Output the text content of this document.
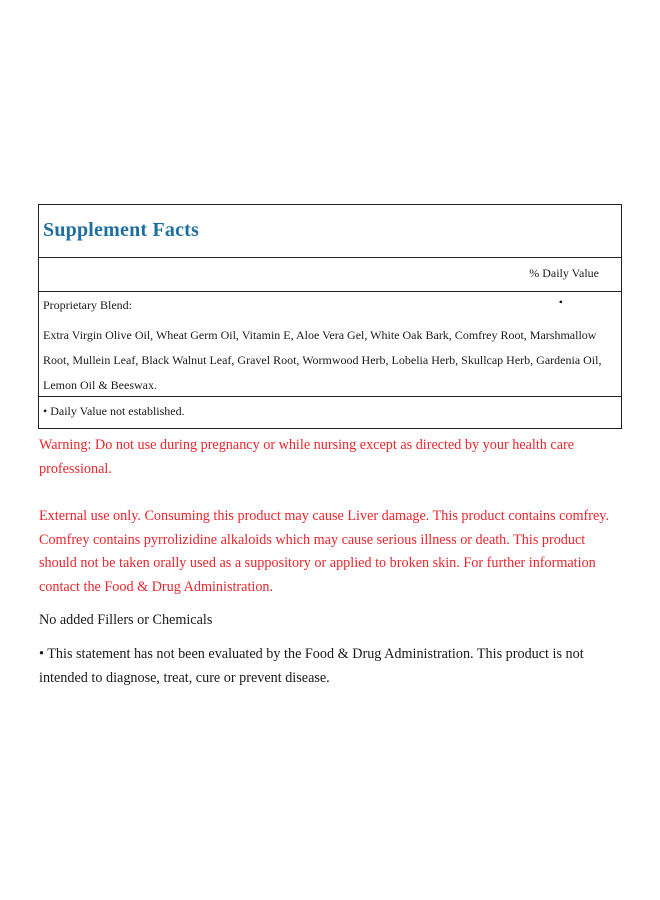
Supplement Facts
% Daily Value
Proprietary Blend:	•
Extra Virgin Olive Oil, Wheat Germ Oil, Vitamin E, Aloe Vera Gel, White Oak Bark, Comfrey Root, Marshmallow Root, Mullein Leaf, Black Walnut Leaf, Gravel Root, Wormwood Herb, Lobelia Herb, Skullcap Herb, Gardenia Oil, Lemon Oil & Beeswax.
• Daily Value not established.
Warning: Do not use during pregnancy or while nursing except as directed by your health care professional.
External use only. Consuming this product may cause Liver damage. This product contains comfrey. Comfrey contains pyrrolizidine alkaloids which may cause serious illness or death. This product should not be taken orally used as a suppository or applied to broken skin. For further information contact the Food & Drug Administration.
No added Fillers or Chemicals
• This statement has not been evaluated by the Food & Drug Administration. This product is not intended to diagnose, treat, cure or prevent disease.
